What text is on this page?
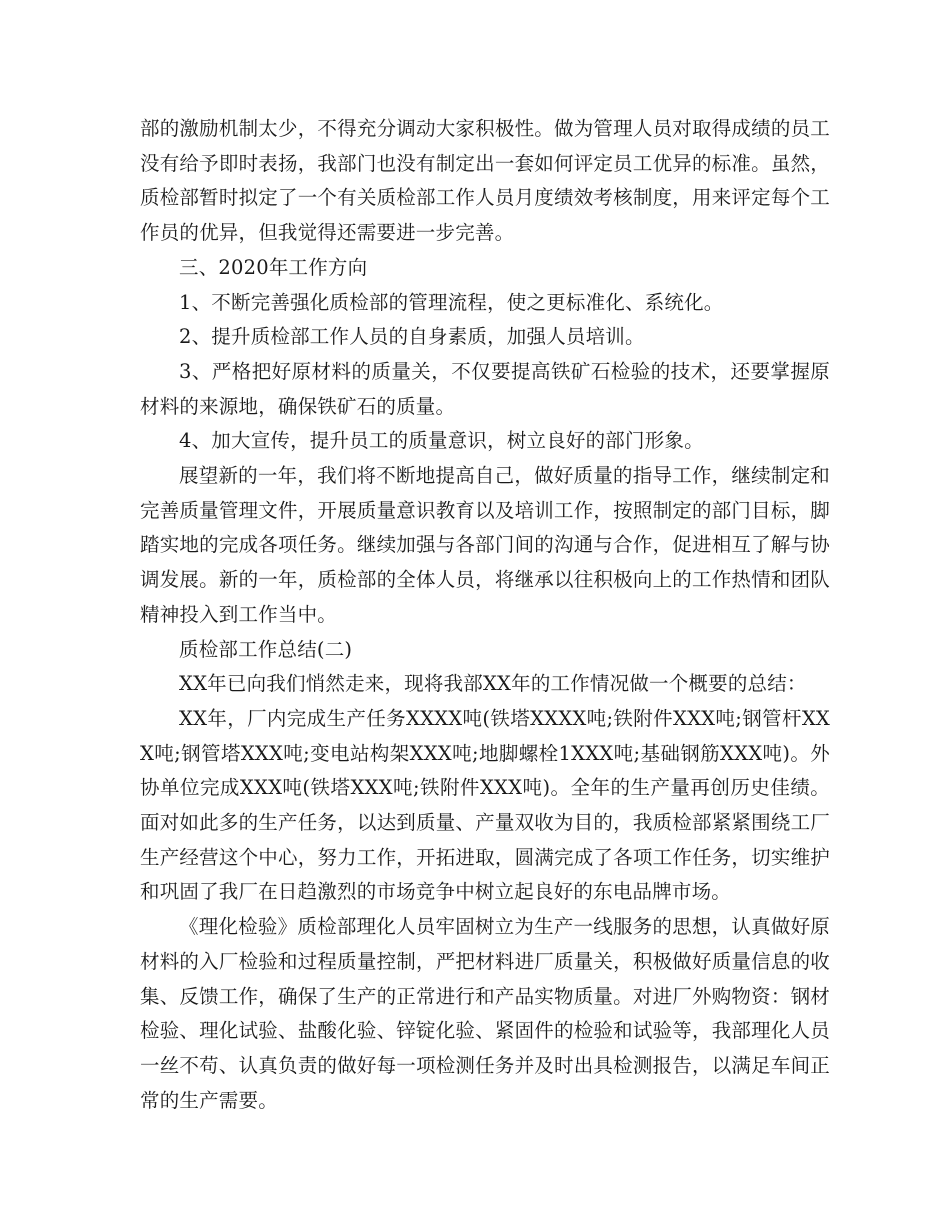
部的激励机制太少，不得充分调动大家积极性。做为管理人员对取得成绩的员工没有给予即时表扬，我部门也没有制定出一套如何评定员工优异的标准。虽然，质检部暂时拟定了一个有关质检部工作人员月度绩效考核制度，用来评定每个工作员的优异，但我觉得还需要进一步完善。

三、2020年工作方向

1、不断完善强化质检部的管理流程，使之更标准化、系统化。

2、提升质检部工作人员的自身素质，加强人员培训。

3、严格把好原材料的质量关，不仅要提高铁矿石检验的技术，还要掌握原材料的来源地，确保铁矿石的质量。

4、加大宣传，提升员工的质量意识，树立良好的部门形象。

展望新的一年，我们将不断地提高自己，做好质量的指导工作，继续制定和完善质量管理文件，开展质量意识教育以及培训工作，按照制定的部门目标，脚踏实地的完成各项任务。继续加强与各部门间的沟通与合作，促进相互了解与协调发展。新的一年，质检部的全体人员，将继承以往积极向上的工作热情和团队精神投入到工作当中。

质检部工作总结(二)

XX年已向我们悄然走来，现将我部XX年的工作情况做一个概要的总结：

XX年，厂内完成生产任务XXXX吨(铁塔XXXX吨;铁附件XXX吨;钢管杆XXX吨;钢管塔XXX吨;变电站构架XXX吨;地脚螺栓1XXX吨;基础钢筋XXX吨)。外协单位完成XXX吨(铁塔XXX吨;铁附件XXX吨)。全年的生产量再创历史佳绩。面对如此多的生产任务，以达到质量、产量双收为目的，我质检部紧紧围绕工厂生产经营这个中心，努力工作，开拓进取，圆满完成了各项工作任务，切实维护和巩固了我厂在日趋激烈的市场竞争中树立起良好的东电品牌市场。

《理化检验》质检部理化人员牢固树立为生产一线服务的思想，认真做好原材料的入厂检验和过程质量控制，严把材料进厂质量关，积极做好质量信息的收集、反馈工作，确保了生产的正常进行和产品实物质量。对进厂外购物资：钢材检验、理化试验、盐酸化验、锌锭化验、紧固件的检验和试验等，我部理化人员一丝不苟、认真负责的做好每一项检测任务并及时出具检测报告，以满足车间正常的生产需要。
